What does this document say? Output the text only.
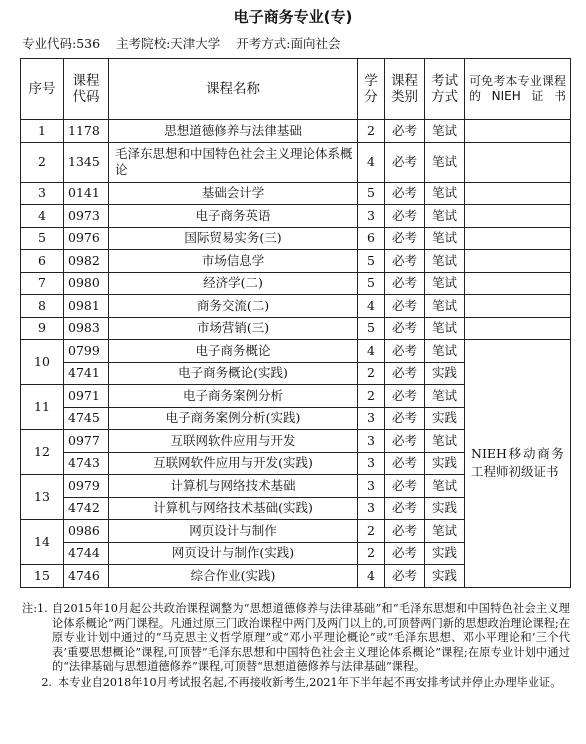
电子商务专业(专)
专业代码:536 主考院校:天津大学 开考方式:面向社会
序号	课程代码	课程名称	学分	课程类别	考试方式	可免考本专业课程的NIEH证书
1	1178	思想道德修养与法律基础	2	必考	笔试	
2	1345	毛泽东思想和中国特色社会主义理论体系概论	4	必考	笔试	
3	0141	基础会计学	5	必考	笔试	
4	0973	电子商务英语	3	必考	笔试	
5	0976	国际贸易实务(三)	6	必考	笔试	
6	0982	市场信息学	5	必考	笔试	
7	0980	经济学(二)	5	必考	笔试	
8	0981	商务交流(二)	4	必考	笔试	
9	0983	市场营销(三)	5	必考	笔试	
10	0799	电子商务概论	4	必考	笔试	NIEH移动商务工程师初级证书
	4741	电子商务概论(实践)	2	必考	实践	
11	0971	电子商务案例分析	2	必考	笔试	
	4745	电子商务案例分析(实践)	3	必考	实践	
12	0977	互联网软件应用与开发	3	必考	笔试	
	4743	互联网软件应用与开发(实践)	3	必考	实践	
13	0979	计算机与网络技术基础	3	必考	笔试	
	4742	计算机与网络技术基础(实践)	3	必考	实践	
14	0986	网页设计与制作	2	必考	笔试	
	4744	网页设计与制作(实践)	2	必考	实践	
15	4746	综合作业(实践)	4	必考	实践	
注:1. 自2015年10月起公共政治课程调整为“思想道德修养与法律基础”和“毛泽东思想和中国特色社会主义理论体系概论”两门课程。凡通过原三门政治课程中两门及两门以上的,可顶替两门新的思想政治理论课程;在原专业计划中通过的“马克思主义哲学原理”或“邓小平理论概论”或“毛泽东思想、邓小平理论和‘三个代表’重要思想概论”课程,可顶替“毛泽东思想和中国特色社会主义理论体系概论”课程;在原专业计划中通过的“法律基础与思想道德修养”课程,可顶替“思想道德修养与法律基础”课程。
2. 本专业自2018年10月考试报名起,不再接收新考生,2021年下半年起不再安排考试并停止办理毕业证。
